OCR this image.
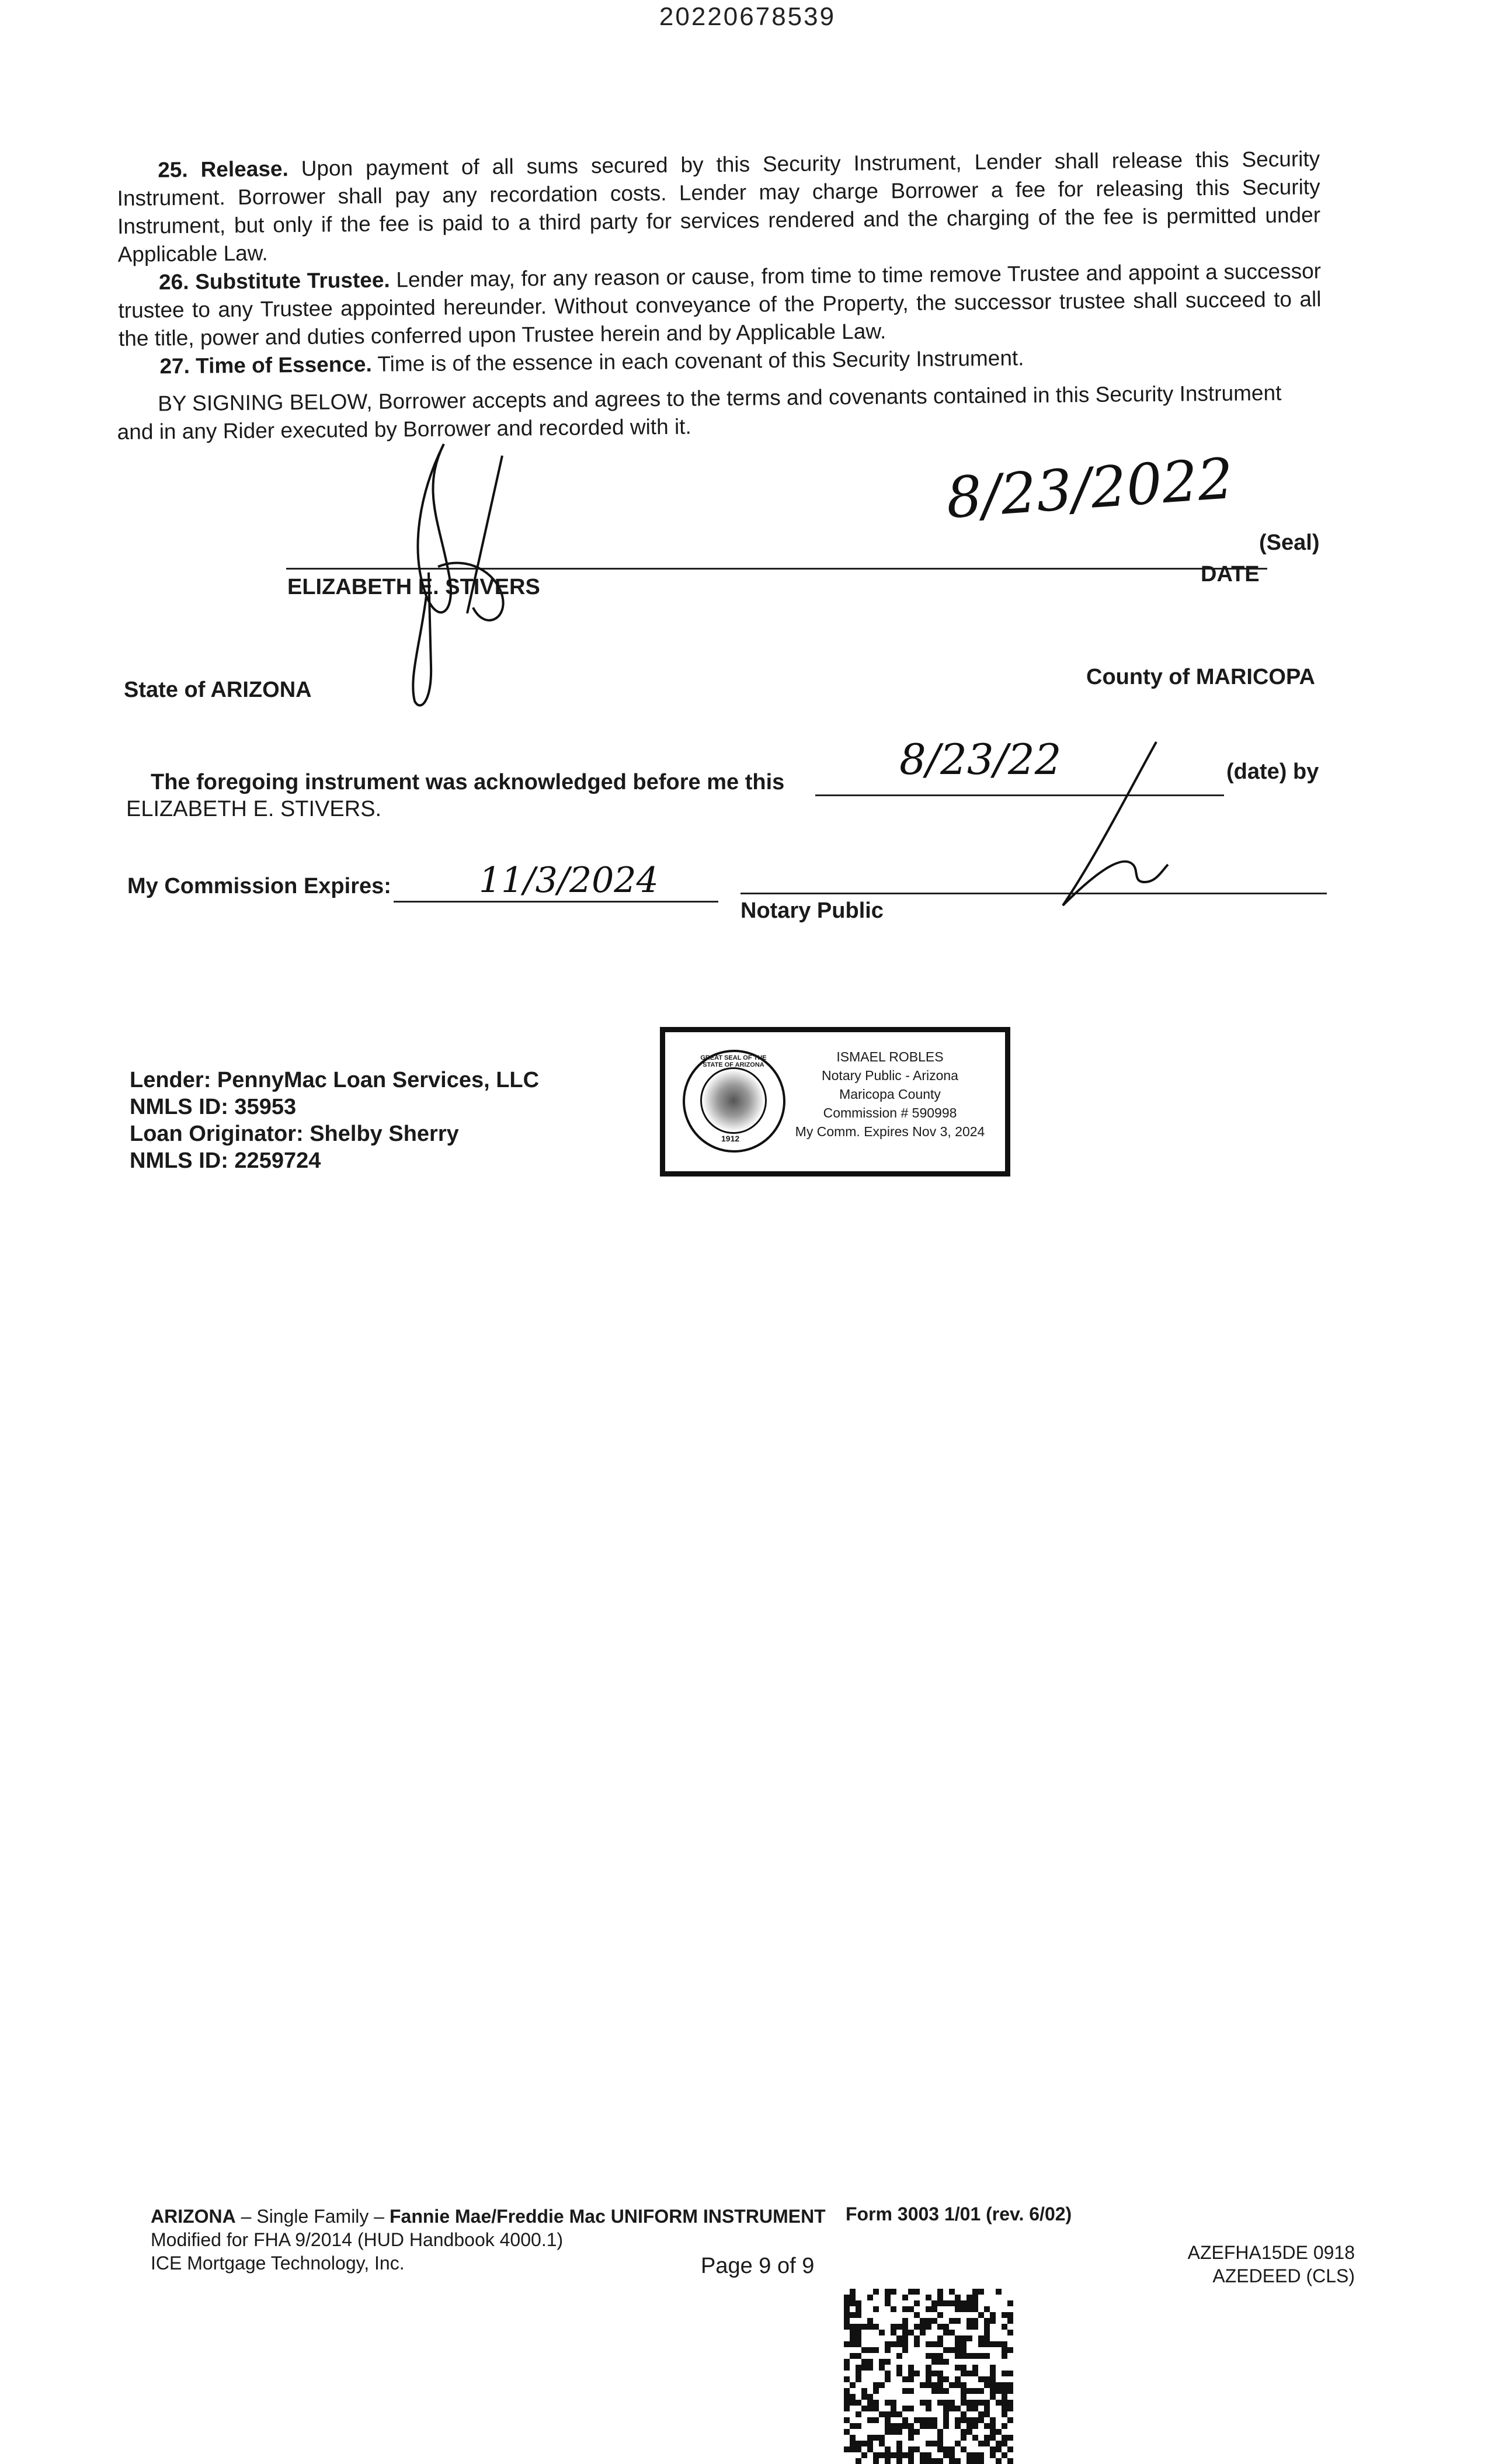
20220678539

25. Release. Upon payment of all sums secured by this Security Instrument, Lender shall release this Security Instrument. Borrower shall pay any recordation costs. Lender may charge Borrower a fee for releasing this Security Instrument, but only if the fee is paid to a third party for services rendered and the charging of the fee is permitted under Applicable Law.

26. Substitute Trustee. Lender may, for any reason or cause, from time to time remove Trustee and appoint a successor trustee to any Trustee appointed hereunder. Without conveyance of the Property, the successor trustee shall succeed to all the title, power and duties conferred upon Trustee herein and by Applicable Law.

27. Time of Essence. Time is of the essence in each covenant of this Security Instrument.

BY SIGNING BELOW, Borrower accepts and agrees to the terms and covenants contained in this Security Instrument and in any Rider executed by Borrower and recorded with it.

ELIZABETH E. STIVERS
(Seal)
DATE
8/23/2022
State of ARIZONA
County of MARICOPA
The foregoing instrument was acknowledged before me this	8/23/22	(date) by
ELIZABETH E. STIVERS.
My Commission Expires:	11/3/2024
Notary Public
Lender: PennyMac Loan Services, LLC
NMLS ID: 35953
Loan Originator: Shelby Sherry
NMLS ID: 2259724
GREAT SEAL OF THE STATE OF ARIZONA
1912
ISMAEL ROBLES
Notary Public - Arizona
Maricopa County
Commission # 590998
My Comm. Expires Nov 3, 2024
ARIZONA – Single Family – Fannie Mae/Freddie Mac UNIFORM INSTRUMENT
Modified for FHA 9/2014 (HUD Handbook 4000.1)
ICE Mortgage Technology, Inc.
Form 3003 1/01 (rev. 6/02)
Page 9 of 9
AZEFHA15DE 0918
AZEDEED (CLS)
